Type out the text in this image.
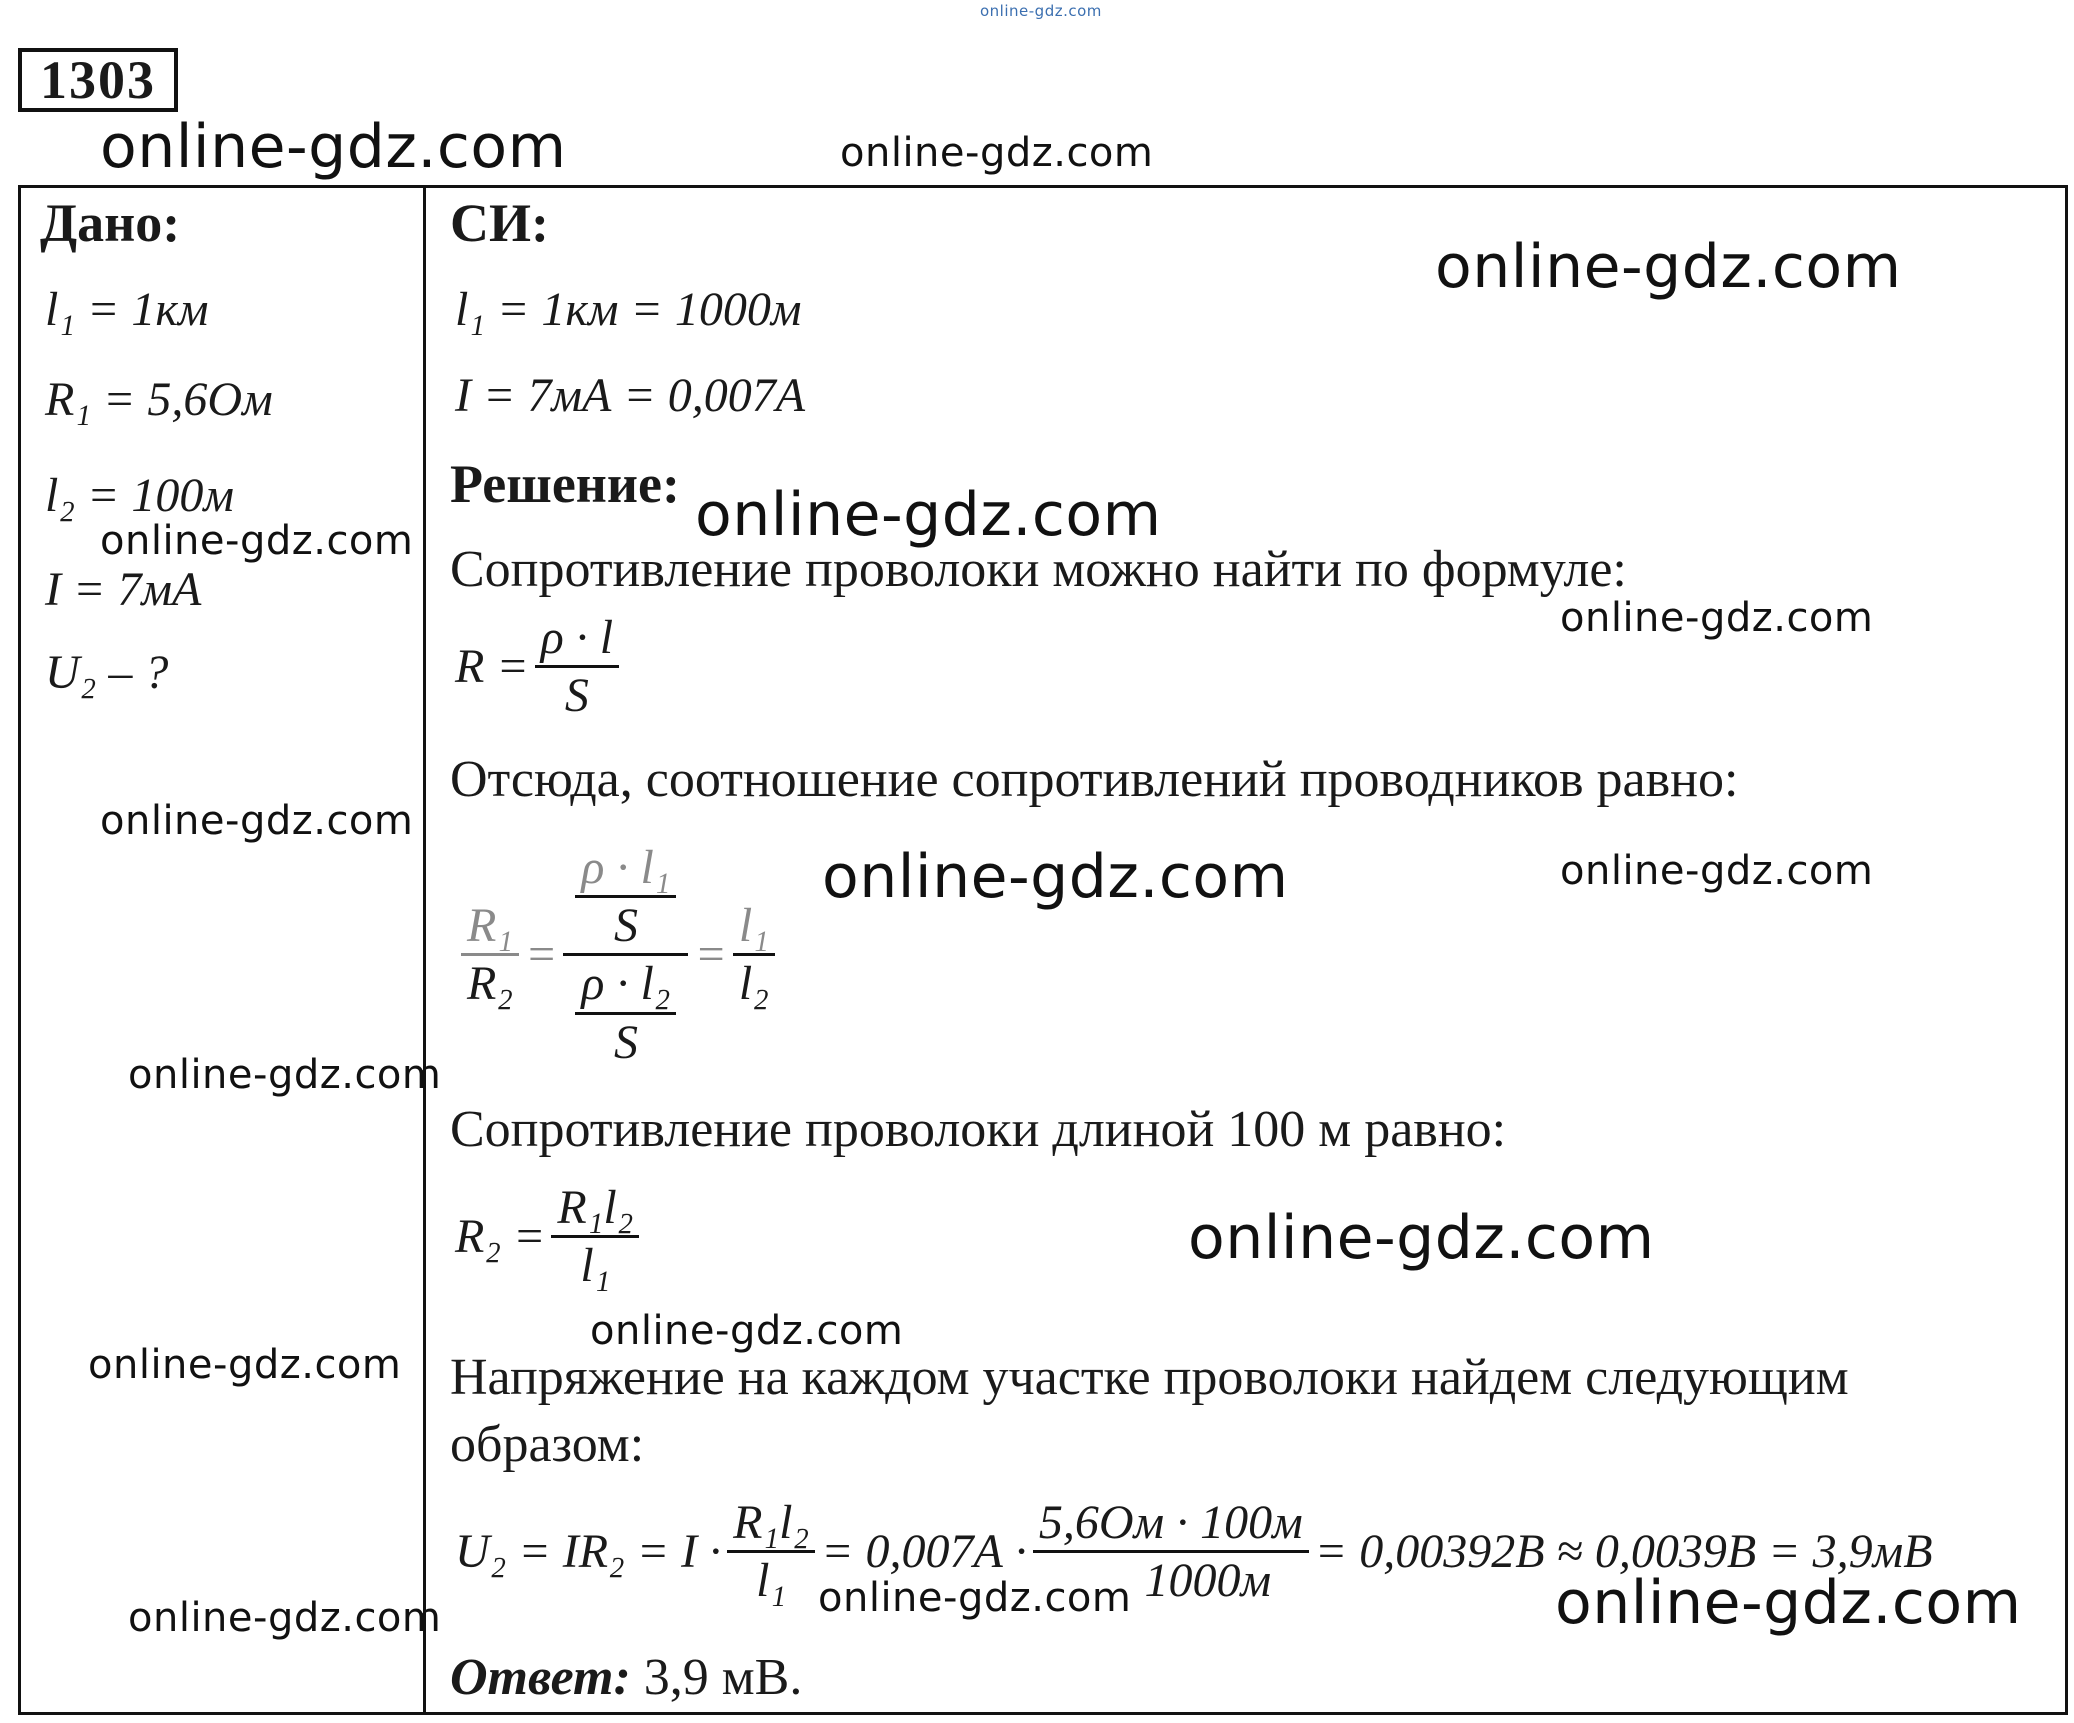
online-gdz.com
1303
online-gdz.com	online-gdz.com
Дано:
l₁ = 1км
R₁ = 5,6Ом
l₂ = 100м
online-gdz.com
I = 7мА
U₂ – ?
online-gdz.com
online-gdz.com
online-gdz.com
online-gdz.com
СИ:
online-gdz.com
l₁ = 1км = 1000м
I = 7мА = 0,007А
Решение: online-gdz.com
Сопротивление проволоки можно найти по формуле:
online-gdz.com
$R = \frac{\rho \cdot l}{S}$
Отсюда, соотношение сопротивлений проводников равно:
online-gdz.com	online-gdz.com
$\frac{\text{R₁}}{\text{R₂}} = \frac{\frac{\text{ρ · l₁}}{S}}{\frac{\text{ρ · l₂}}{S}} = \frac{\text{l₁}}{\text{l₂}}$
Сопротивление проволоки длиной 100 м равно:
$R_2 = \frac{\text{R₁l₂}}{\text{l₁}}$	online-gdz.com
online-gdz.com
Напряжение на каждом участке проволоки найдем следующим
образом:
$U_2 = IR_2 = I \cdot \frac{\text{R₁l₂}}{\text{l₁}} = 0,007А \cdot \frac{5,6Ом \cdot 100м}{1000м} = 0,00392В \approx 0,0039В = 3,9мВ$
online-gdz.com	online-gdz.com
Ответ: 3,9 мВ.
